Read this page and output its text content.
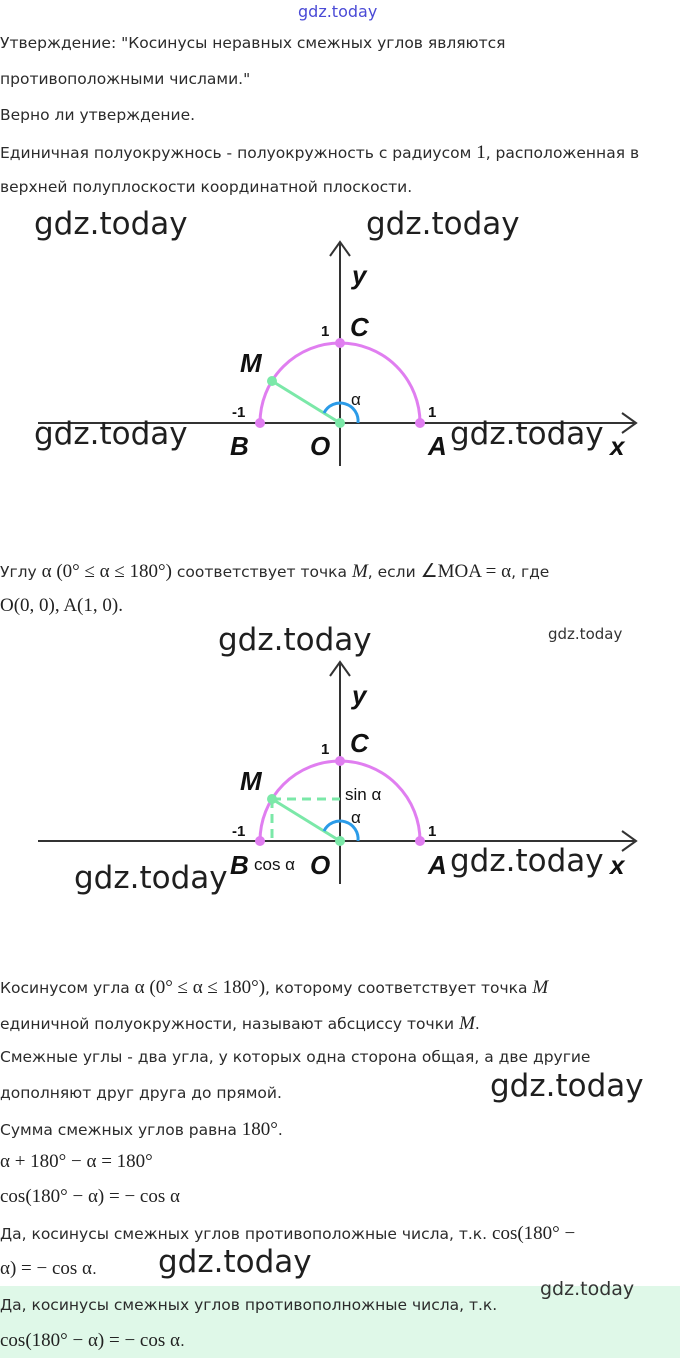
gdz.today
Утверждение: "Косинусы неравных смежных углов являются
противоположными числами."
Верно ли утверждение.
Единичная полуокружнось - полуокружность с радиусом 1, расположенная в
верхней полуплоскости координатной плоскости.
y
x
C
M
B O	A
1
-1	1
α
gdz.today	gdz.today
gdz.today	gdz.today
Углу α (0° ≤ α ≤ 180°) соответствует точка M, если ∠MOA = α, где
O(0, 0), A(1, 0).
gdz.today	gdz.today
y
x
C
M
B O	A
1
-1	1
α
sin α
cos α	gdz.today
gdz.today
Косинусом угла α (0° ≤ α ≤ 180°), которому соответствует точка M
единичной полуокружности, называют абсциссу точки M.
Смежные углы - два угла, у которых одна сторона общая, а две другие
дополняют друг друга до прямой.	gdz.today
Сумма смежных углов равна 180°.
α + 180° − α = 180°
cos(180° − α) = − cos α
Да, косинусы смежных углов противоположные числа, т.к. cos(180° −
α) = − cos α. gdz.today
gdz.today
Да, косинусы смежных углов противополножные числа, т.к.
cos(180° − α) = − cos α.
